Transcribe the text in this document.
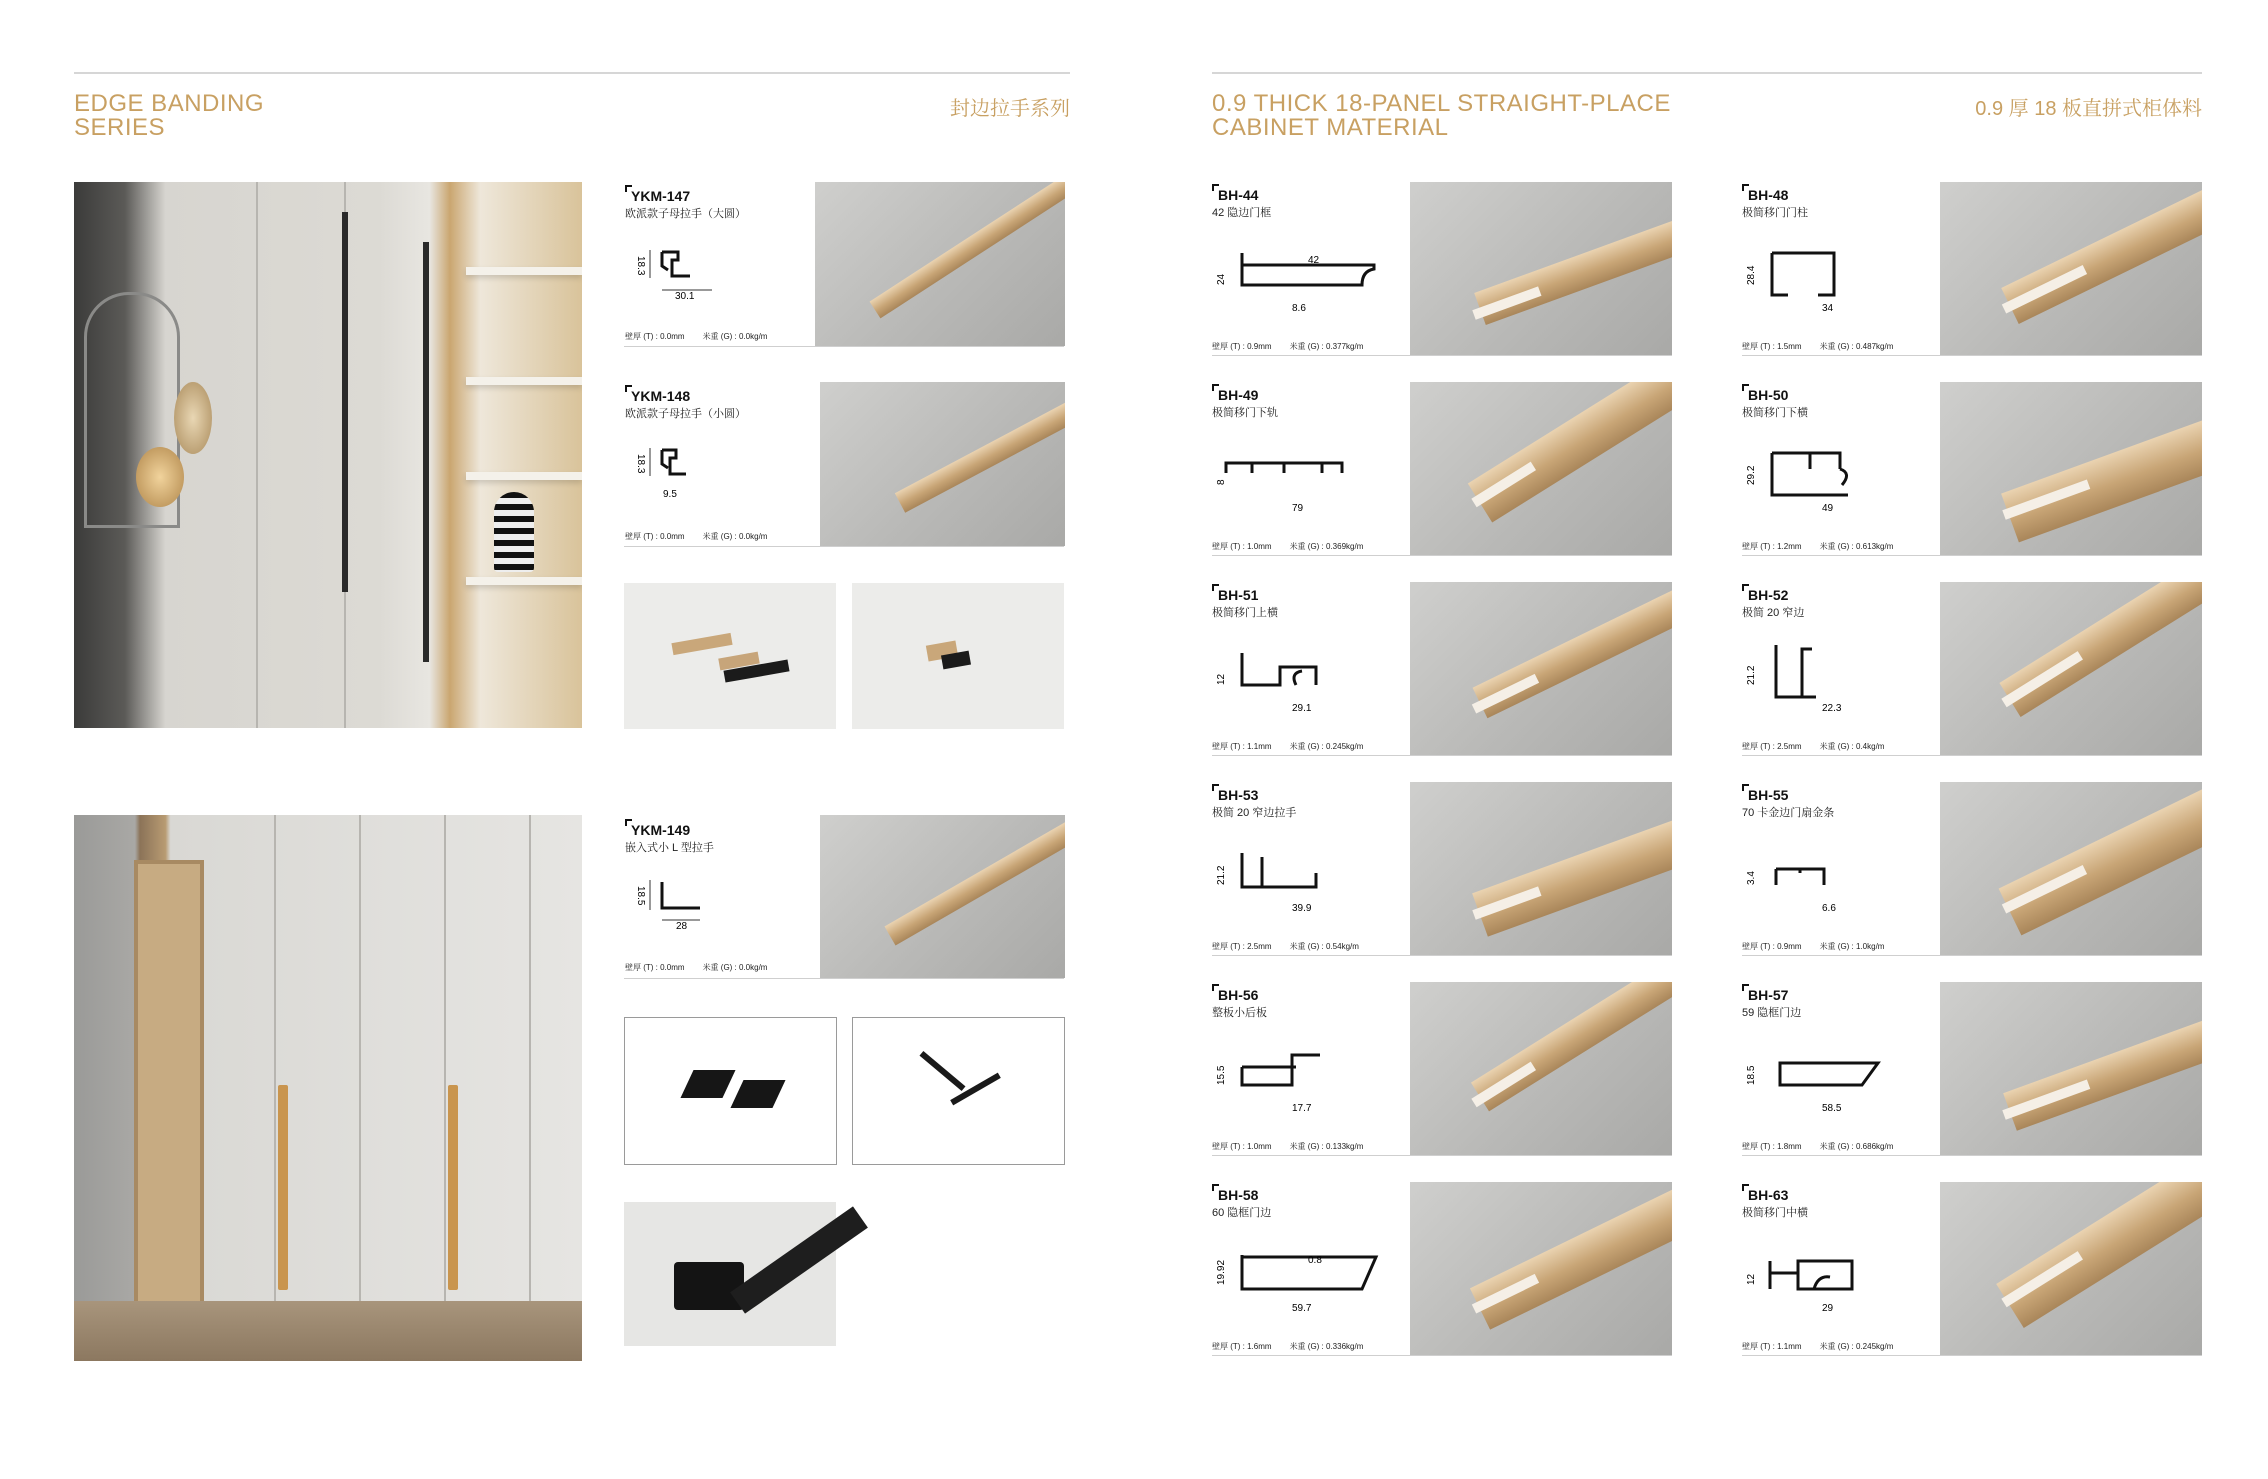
EDGE BANDING
SERIES
封边拉手系列
YKM-147
欧派款子母拉手（大圆）
18.3
30.1
壁厚 (T) : 0.0mm 米重 (G) : 0.0kg/m
YKM-148
欧派款子母拉手（小圆）
18.3
9.5
壁厚 (T) : 0.0mm 米重 (G) : 0.0kg/m
YKM-149
嵌入式小 L 型拉手
18.5
28
壁厚 (T) : 0.0mm 米重 (G) : 0.0kg/m
0.9 THICK 18-PANEL STRAIGHT-PLACE
CABINET MATERIAL
0.9 厚 18 板直拼式柜体料
BH-44
42 隐边门框
24
8.6
42
壁厚 (T) : 0.9mm 米重 (G) : 0.377kg/m
BH-48
极简移门门柱
28.4
34
壁厚 (T) : 1.5mm 米重 (G) : 0.487kg/m
BH-49
极简移门下轨
8
79
壁厚 (T) : 1.0mm 米重 (G) : 0.369kg/m
BH-50
极简移门下横
29.2
49
壁厚 (T) : 1.2mm 米重 (G) : 0.613kg/m
BH-51
极简移门上横
12
29.1
壁厚 (T) : 1.1mm 米重 (G) : 0.245kg/m
BH-52
极简 20 窄边
21.2
22.3
壁厚 (T) : 2.5mm 米重 (G) : 0.4kg/m
BH-53
极简 20 窄边拉手
21.2
39.9
壁厚 (T) : 2.5mm 米重 (G) : 0.54kg/m
BH-55
70 卡金边门扇金条
3.4
6.6
壁厚 (T) : 0.9mm 米重 (G) : 1.0kg/m
BH-56
整板小后板
15.5
17.7
壁厚 (T) : 1.0mm 米重 (G) : 0.133kg/m
BH-57
59 隐框门边
18.5
58.5
壁厚 (T) : 1.8mm 米重 (G) : 0.686kg/m
BH-58
60 隐框门边
19.92
59.7
0.8
壁厚 (T) : 1.6mm 米重 (G) : 0.336kg/m
BH-63
极简移门中横
12
29
壁厚 (T) : 1.1mm 米重 (G) : 0.245kg/m
